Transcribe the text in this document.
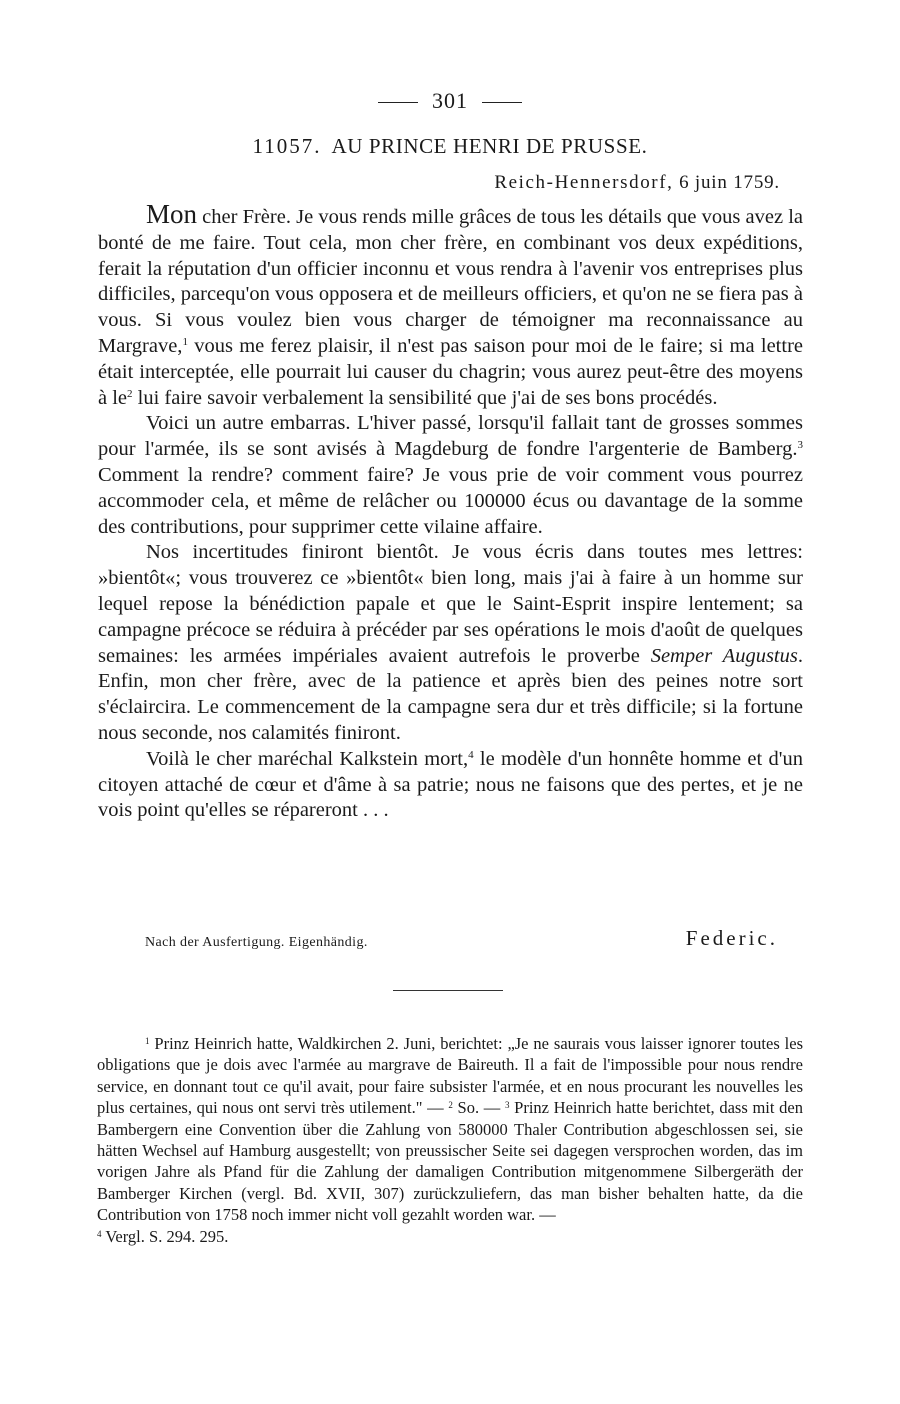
301
11057. AU PRINCE HENRI DE PRUSSE.
Reich-Hennersdorf, 6 juin 1759.

Mon cher Frère. Je vous rends mille grâces de tous les détails que vous avez la bonté de me faire. Tout cela, mon cher frère, en combinant vos deux expéditions, ferait la réputation d'un officier inconnu et vous rendra à l'avenir vos entreprises plus difficiles, parcequ'on vous opposera et de meilleurs officiers, et qu'on ne se fiera pas à vous. Si vous voulez bien vous charger de témoigner ma reconnaissance au Margrave,$^1$ vous me ferez plaisir, il n'est pas saison pour moi de le faire; si ma lettre était interceptée, elle pourrait lui causer du chagrin; vous aurez peut-être des moyens à $le^2$ lui faire savoir verbalement la sensibilité que j'ai de ses bons procédés.

Voici un autre embarras. L'hiver passé, lorsqu'il fallait tant de grosses sommes pour l'armée, ils se sont avisés à Magdeburg de fondre l'argenterie de Bamberg.$^3$ Comment la rendre? comment faire? Je vous prie de voir comment vous pourrez accommoder cela, et même de relâcher ou 100000 écus ou davantage de la somme des contributions, pour supprimer cette vilaine affaire.

Nos incertitudes finiront bientôt. Je vous écris dans toutes mes lettres: »bientôt«; vous trouverez ce »bientôt« bien long, mais j'ai à faire à un homme sur lequel repose la bénédiction papale et que le Saint-Esprit inspire lentement; sa campagne précoce se réduira à précéder par ses opérations le mois d'août de quelques semaines: les armées impériales avaient autrefois le proverbe Semper Augustus. Enfin, mon cher frère, avec de la patience et après bien des peines notre sort s'éclaircira. Le commencement de la campagne sera dur et très difficile; si la fortune nous seconde, nos calamités finiront.

Voilà le cher maréchal Kalkstein mort,$^4$ le modèle d'un honnête homme et d'un citoyen attaché de cœur et d'âme à sa patrie; nous ne faisons que des pertes, et je ne vois point qu'elles se répareront . . .

Nach der Ausfertigung. Eigenhändig.	Federic.

$^1$ Prinz Heinrich hatte, Waldkirchen 2. Juni, berichtet: „Je ne saurais vous laisser ignorer toutes les obligations que je dois avec l'armée au margrave de Baireuth. Il a fait de l'impossible pour nous rendre service, en donnant tout ce qu'il avait, pour faire subsister l'armée, et en nous procurant les nouvelles les plus certaines, qui nous ont servi très utilement." — $^2$ So. — $^3$ Prinz Heinrich hatte berichtet, dass mit den Bambergern eine Convention über die Zahlung von 580000 Thaler Contribution abgeschlossen sei, sie hätten Wechsel auf Hamburg ausgestellt; von preussischer Seite sei dagegen versprochen worden, das im vorigen Jahre als Pfand für die Zahlung der damaligen Contribution mitgenommene Silbergeräth der Bamberger Kirchen (vergl. Bd. XVII, 307) zurückzuliefern, das man bisher behalten hatte, da die Contribution von 1758 noch immer nicht voll gezahlt worden war. —
$^4$ Vergl. S. 294. 295.
